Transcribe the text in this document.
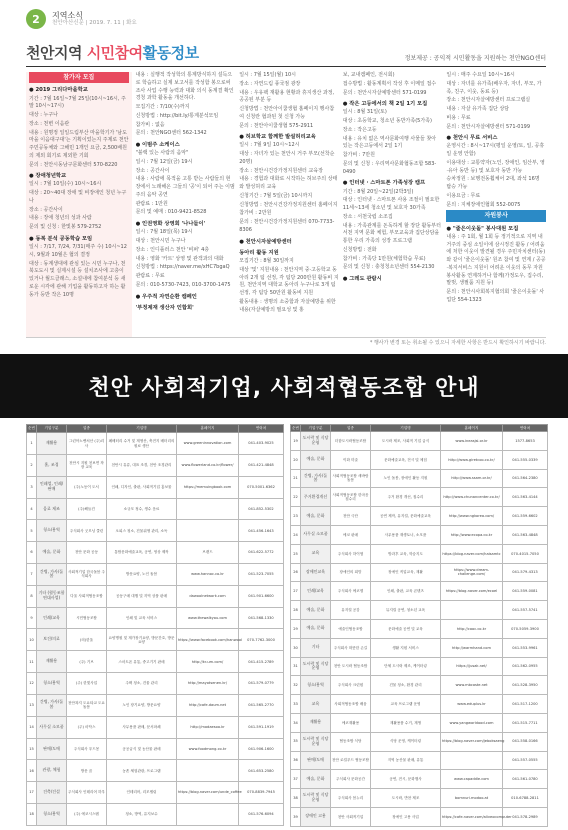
2	지역소식
천안아산신문 | 2019. 7. 11 | 화요
천안지역 시민참여활동정보	정보제공 : 공익적 시민활동을 지원하는 천안NGO센터
참가자 모집

● 2019 그리다마을학교

기간 : 7월 16일~7월 25일(10시~16시, 주말 10시~17시)

대상 : 누구나

장소 : 천변 이음관

내용 : 원명정 일일드림부산 마을학기가 '남도마을 이음대구대'는 기획이었는지 주제로 천안 주민공동체와 그해민 1개인 요금, 2,500배원의 제외 회기로 제외한 기회

문의 : 천안시동남구문화센터 570-8220

● 장애청년학교

일시 : 7월 10일(수) 10시~16시

대상 : 20~40대 장애 및 비장애인 청년 누구나

장소 : 공간사이

내용 : 장애 청년의 성과 사람

문의 및 신청 : 한빛봉 579-2752

● 동복 분석 공동학습 모임

일시 : 7/17, 7/24, 7/31(매주 수) 10시~12시, 9월과 10월은 협의 결정

대상 : 동계생대에 관심 있는 시민 누구나, 천북도도시 및 실제시설 등 설치조사에 고층이 있거나 월드클래스, 소설내에 참여분석 등 새로운 시각에 관해 기업을 활동하고자 하는 활동가 등반 작은 10명

내용 : 실행적 작성학의 통계방식하지 설득으로 학습하고 실제 보고서를 작성함 봉으로써 조사 사업 수행 능력과 대화 의식 동계결 확인 경청 과학 활동을 개선하다.

모집기간 : 7/10(수)까지

신청방법 : http://bit.ly/통계분석모임

참가비 : 없음

문의 : 천안NGO센터 562-1342

● 이범주 소케이스

"블랙 있는 사람의 음악"

일시 : 7월 12일(금) 19시

장소 : 공간사이

내용 : 사람에 목적을 고통 받는 사람들의 현장에서 노래해온 그들의 '공'이 되어 주는 이범주의 음악 공연

관람료 : 1만원

문의 및 예매 : 010-9421-8528

● 인권영화 상영회 '나나들이'

일시 : 7월 18일(목) 19시

대상 : 천안시민 누구나

장소 : 인디플러스 천안 '비퍼' 4층

내용 : 영화 '카트' 상영 및 관객과의 대화

신청방법 : https://naver.me/xHC7bgaQ

관람료 : 무료

문의 : 010-5730-7423, 010-3700-1475

● 우주적 자연순환 캠페인

'부정제재 생산자 인합회'

일시 : 7월 15일(월) 10시

장소 : 자연드림 풍국점 광장

내용 : 우유팩 재활용 현황과 휴지생산 과정, 공공된 부분 등

신청방법 : 천안아이쿱생협 홈페이지 행사참여 신청란 협과된 첫 신청 가능

문의 : 천안아이쿱생협 575-2911

● 허브학교 함께한 발설허리교육

일시 : 7월 9일 10시~12시

대상 : 자녀가 있는 천안시 거주 부모(선착순 20명)

장소 : 천안시건강가정지원센터 교육장

내용 : 경험과 대화로 시작하는 허브주의 상태와 발성허리 교육

신청기간 : 7월 5일(금) 10시까지

신청방법 : 천안시건강가정지원센터 홈페이지

참가비 : 2만원

문의 : 천안시건강가정지원센터 070-7733-8306

● 천안시자살예방센터

동아리 활동 지원

모집기간 : 8월 30일까지

대상 '및' 지원내용 : 천안지역 중·고등학교 동아리 2개 팀 선정, 각 팀당 200만원 활동비 지원, 천안지역 대학교 동아리 누구나로 3개 팀 선정, 각 팀당 50만원 활동비 지원

활동내용 : 생명의 소중함과 자살예방을 위한 내용(자살예방의 필요성 및 홍

보, 교내캠페인, 전시회)

접수방법 : 활동계획서 작성 후 이메일 접수

문의 : 천안시자살예방센터 571-0199

● 작은 고등에서의 책 2일 1기 모집

일시 : 8월 31일(토)

대상 : 초등학교, 청소년 동반가족(5가족)

장소 : 작은고등

내용 : 유치 없은 역사문화여행 사물들 찾아 있는 작은고등에서 2일 1기

참가비 : 7만원

문의 및 신청 : 우리역사문화협동조합 583-0490

● 인터넷 · 스마트폰 가족성장 캠프

기간 : 8월 20일~22일(2박3일)

대상 : 인터넷 · 스마트폰 사용 조절이 필요한 11세~13세 청소년 및 보호자 30가족

장소 : 서천국립 소조집

내용 : 가족관계를 돈독하게 할 장단 활동부터 서천 지역 문화 체험, 부모교육과 집단상담을 통한 우리 가족의 성장 프로그램

신청방법 : 전화

참가비 : 가족당 1만원(체험학습 무료)

문의 및 신청 : 충청청소년센터 554-2130

● 그레도 관람시

일시 : 매주 수요일 10시~16시

대상 : 자녀를 유가족(배우자, 자녀, 부모, 가족, 친구, 이웃, 동료 등)

장소 : 천안시자살예방센터 프로그램실

내용 : 자살 유가족 집단 상담

비용 : 무료

문의 : 천안시자살예방센터 571-0199

● 천안시 무료 서비스

운영시간 : 8시~17시(평일 운영/토, 일, 공휴일 운영 안함)

이용대상 : 교통약자(노인, 장애인, 임산부, 영·유아 동반 등) 및 보호자 동반 가능

승차정원 : 보행전동휠체어 2대, 좌석 16명 탑승 가능

이용요금 : 무료

문의 : 지체장애인협회 552-0075

자원봉사

● "줄은이웃돌" 봉사대원 모집

내용 : 주 1회, 월 1회 등 정기적으로 지역 내 거주의 중심 소일이에 삼시정진 활동 / 어려움에 처한 이웃이 발견될 경우 주민자치센터(동)와 같이 '줄은이웃돌' 원조 참여 및 연계 / 공공·복지서비스 지원이 어려운 이웃의 동무 자원봉사활동 연계하거나 함께(가정도우, 집수리, 말벗, 생필품 지원 등)

문의 : 천안시사회복지협의회 '줄은이웃돌' 사업단 554-1323

* 행사가 변경 또는 취소될 수 있으니 자세한 사항은 반드시 확인하시기 바랍니다.
천안 사회적기업, 사회적협동조합 안내
순번	기업구분	업종	기업명	홈페이지	연락처
1	재활용	그린아노벤처산 (주)리사	폐배터리 수거 및 재생산, 축전지 배터리의 원료 생산	www.greeninnovation.com	041-403-9025
2	홈, 조경	천안시 지원 천보면 착장 교육	천안시 유류, 대표 조경, 천안 조경관리	www.flowerland.co.kr/flower/	041-421-4848
3	인쇄업, 인쇄/판매	(주)노동이 도서	인쇄, 디자인, 출판, 사회적기업 홍보물	https://memuingbook.com	070-5001-6362
4	음료 제조	(주)해들건	소규모 정수, 생수 음료		041-852-5302
5	청소/용역	주식회사 굿모닝 클린	오피스 청소, 건물위생 관리, 소독		041-456-1643
6	예술, 문화	천안 문화 공동	통합문화예술교육, 공연, 영상 제작	브랜드	041-622-5772
7	간병, 가사/돌봄	사회적기업 한국돌봄 주식회사	방문요양, 노인 돌봄	www.hannoc.co.kr	041-523-7055
8	기타 (협동조합 연대사업)	다울 사회적협동조합	공동구매 대행 및 지역 상품 판매	dawoolnetwork.com	041-901-6600
9	인쇄/교육	시민협동조합	인쇄 및 교육 서비스	www.thewalkyou.com	041-568-1330
10	보건/의료	(의)한울	요양병원 및 재가장기요양, 방문간호, 방문요양	https://www.facebook.com/hanwool	070-7762-3000
11	재활용	(주) 기브	스마트폰 유통, 중고기기 판매	http://kr-um.com/	041-415-2789
12	청소/용역	(주) 한빛사업	주택 청소, 건물 관리	http://mayotsenen.kr/	041-579-0779
13	간병, 가사/돌봄	천안복지 도요타교 도요돌봄	노인 장기요양, 방문요양	http://cafe.daum.net	041-565-2770
14	사무실 소모품	(주) 마닥스	사무용품 판매, 문서파쇄	http://modaesoo.kr	041-591-1919
15	판매/도매	주식회사 푸드몽	공공급식 및 농산물 판매	www.foodmong.co.kr	041-906-1600
16	관광, 체험	방문 꿈	농촌 체험관광, 프로그램		041-653-2580
17	건축/건설	주식회사 인테리어 하우	인테리어, 리모델링	https://blog.naver.com/unde_coffee	070-8839-7945
18	청소/용역	(주) 에코시스템	청소, 방역, 유지보수		041-576-6094
순번	기업구분	업종	기업명	홈페이지	연락처
19	도시락 및 식당운영	더함도시락협동조합	도시락 제조, 사회적 기업 급식	www.ineasjsi.or.kr	1577-8653
20	예술, 문화	이화 미술	문화예술교육, 전시 및 체험	http://www.giretcoo.co.kr/	041-555-0339
21	간병, 가사/돌봄	사회적협동조합 새바람 돌봄	노인 돌봄, 장애인 활동 지원	http://www.ssam.or.kr/	041-564-2380
22	주거환경개선	사회적협동조합 한마음 집수리	주거 환경 개선, 집수리	http://www.chunancenter.co.kr/	041-563-4144
23	예술, 문화	천안 극단	공연 제작, 뮤지컬, 문화예술교육	http://www.ngkorea.com/	041-559-6602
24	사무실 소모품	에코 판매	사무용품 재생토너, 소모품	http://www.ecopa.co.kr	041-563-4848
25	교육	주식회사 하이샘	방과후 교육, 학습지도	https://blog.naver.com/haisamtc	070-4015-7050
26	장애인교육	장애인의 희망	장애인 직업교육, 재활	https://www.dream-challenge.com/	041-579-4313
27	인쇄/교육	주식회사 에코엘	인쇄, 출판, 교육 콘텐츠	https://blog.naver.com/ecoel	041-559-0081
28	예술, 문화	뮤지컬 공감	뮤지컬 공연, 청소년 교육		041-557-5741
29	예술, 문화	예술인협동조합	문화예술 공연 및 교육	http://cooc.co.kr	070-5059-3900
30	기타	주식회사 따뜻한 손길	생활 지원 서비스	http://warmhand.com	041-553-9961
31	도시락 및 식당운영	천안 도시락 협동조합	단체 도시락 제조, 케이터링	https://jusak.net/	041-562-0955
32	청소/용역	주식회사 크린원	건물 청소, 환경 관리	www.mbcoste.net	041-528-3950
33	교육	사회적협동조합 배움	교육 프로그램 운영	www.eduplus.kr	041-517-1200
34	재활용	에코재활용	재활용품 수거, 재생	www.yangworldood.com	041-515-7711
35	도시락 및 식당운영	협동조합 식당	식당 운영, 케이터링	https://blog.naver.com/jeboksaeng	041-558-0166
36	판매/도매	천안 로컬푸드 협동조합	지역 농산물 판매, 유통		041-557-0555
37	예술, 문화	주식회사 문화공간	공연, 전시, 문화행사	www.capaddle.com	041-561-0780
38	도시락 및 식당운영	주식회사 봄누리	도시락, 반찬 제조	bomnuri.modoo.at	010-6788-2811
39	장애인 고용	천안 사회적기업	장애인 고용 사업	https://cafe.naver.com/aliveocomputer	041-578-2989
